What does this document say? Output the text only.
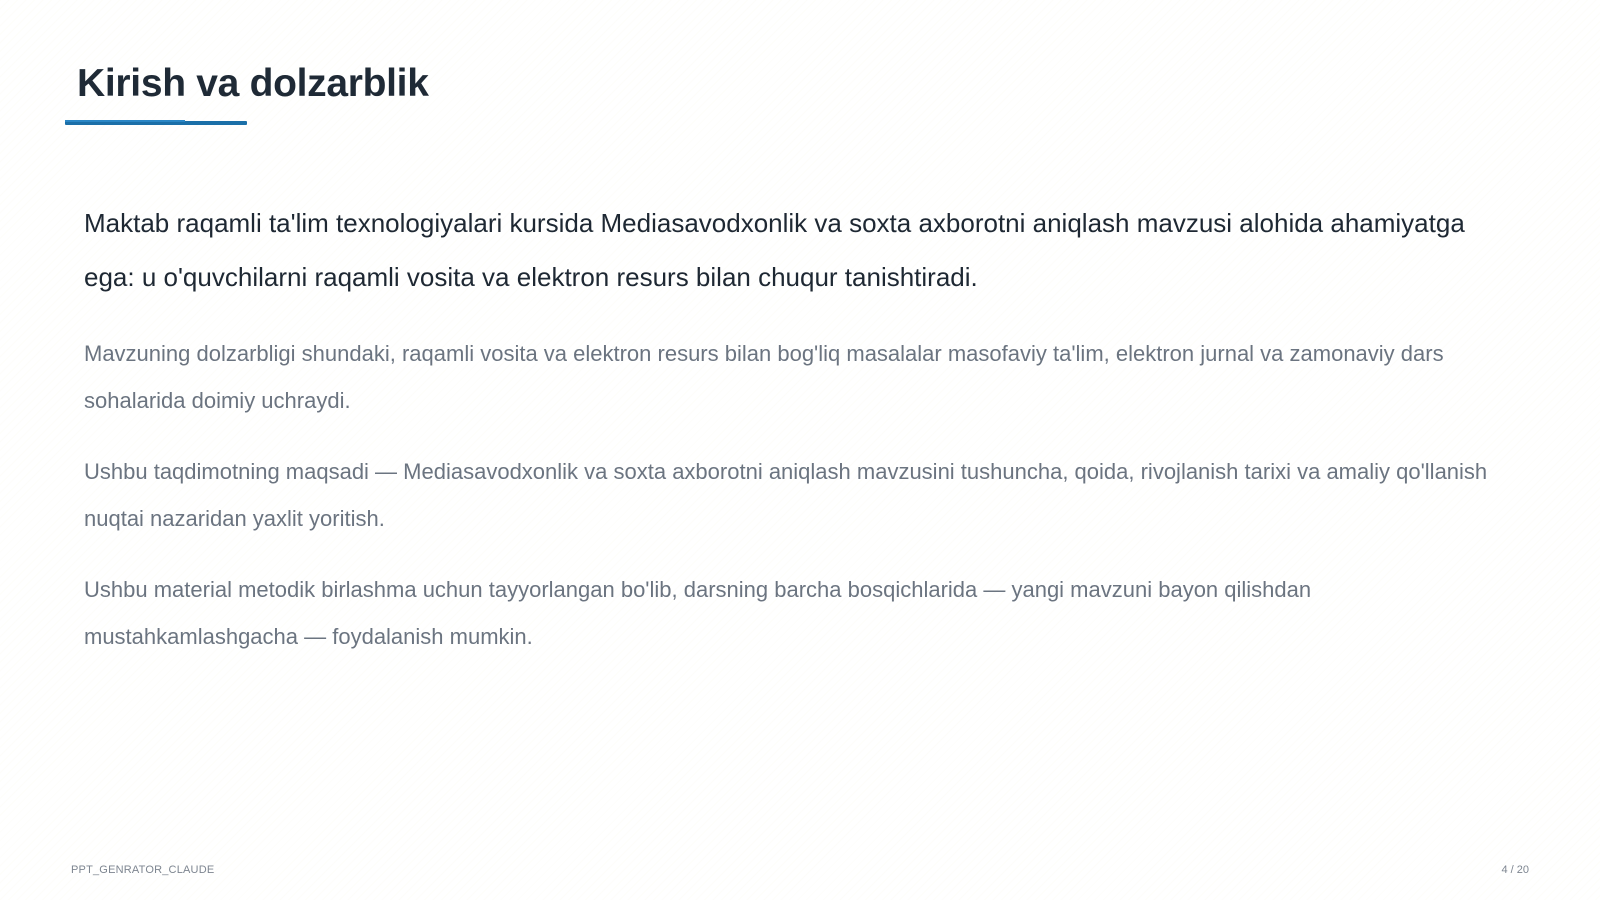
Kirish va dolzarblik

Maktab raqamli ta'lim texnologiyalari kursida Mediasavodxonlik va soxta axborotni aniqlash mavzusi alohida ahamiyatga ega: u o'quvchilarni raqamli vosita va elektron resurs bilan chuqur tanishtiradi.

Mavzuning dolzarbligi shundaki, raqamli vosita va elektron resurs bilan bog'liq masalalar masofaviy ta'lim, elektron jurnal va zamonaviy dars sohalarida doimiy uchraydi.

Ushbu taqdimotning maqsadi — Mediasavodxonlik va soxta axborotni aniqlash mavzusini tushuncha, qoida, rivojlanish tarixi va amaliy qo'llanish nuqtai nazaridan yaxlit yoritish.

Ushbu material metodik birlashma uchun tayyorlangan bo'lib, darsning barcha bosqichlarida — yangi mavzuni bayon qilishdan mustahkamlashgacha — foydalanish mumkin.

PPT_GENRATOR_CLAUDE	4 / 20
